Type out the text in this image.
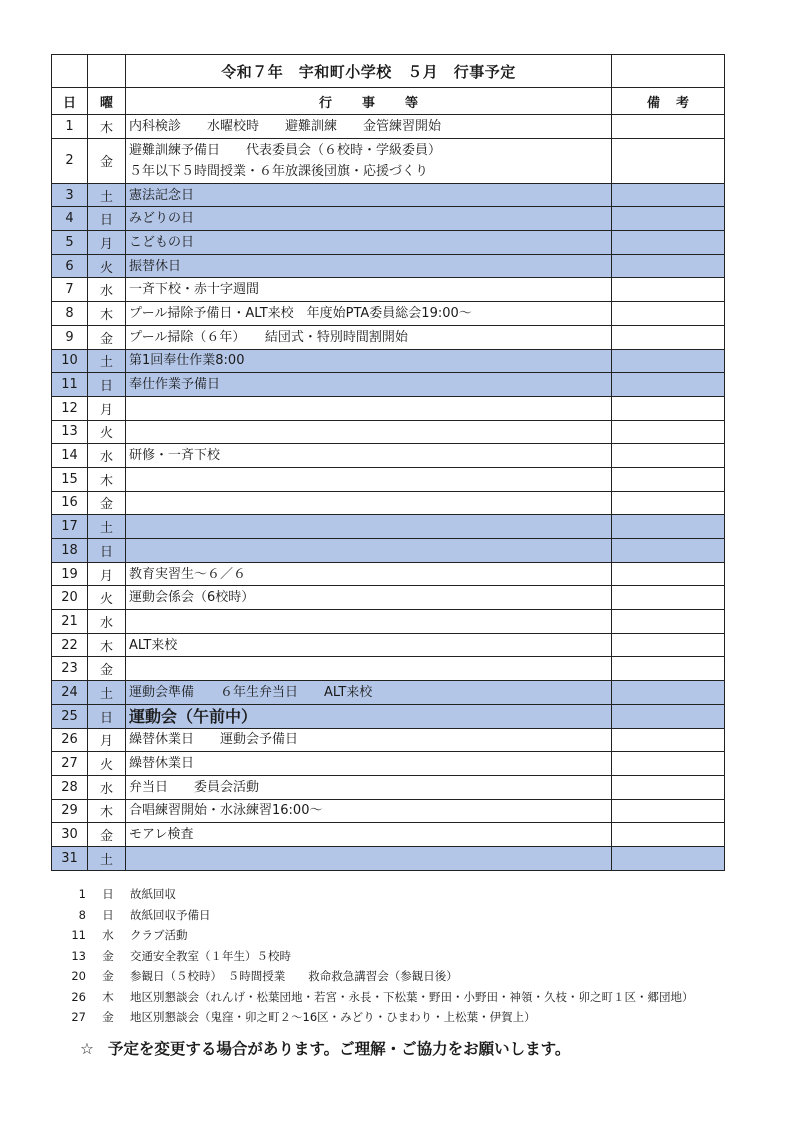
		令和７年　宇和町小学校　５月　行事予定	
日	曜	行事等	備考
1	木	内科検診　　水曜校時　　避難訓練　　金管練習開始	

2	金	避難訓練予備日　　代表委員会（６校時・学級委員）
５年以下５時間授業・６年放課後団旗・応援づくり	

3	土	憲法記念日	

4	日	みどりの日	

5	月	こどもの日	

6	火	振替休日	

7	水	一斉下校・赤十字週間	

8	木	プール掃除予備日・ALT来校　年度始PTA委員総会19:00～	

9	金	プール掃除（６年）　　結団式・特別時間割開始	

10	土	第1回奉仕作業8:00	

11	日	奉仕作業予備日	

12	月	

13	火	

14	水	研修・一斉下校	

15	木	

16	金	

17	土	

18	日	

19	月	教育実習生～６／６	

20	火	運動会係会（6校時）	

21	水	

22	木	ALT来校	

23	金	

24	土	運動会準備　　６年生弁当日　　ALT来校	

25	日	運動会（午前中）	

26	月	繰替休業日　　運動会予備日	

27	火	繰替休業日	

28	水	弁当日　　委員会活動	

29	木	合唱練習開始・水泳練習16:00～	

30	金	モアレ検査	

31	土	

1	日	故紙回収
8	日	故紙回収予備日
11	水	クラブ活動
13	金	交通安全教室（１年生）５校時
20	金	参観日（５校時）　５時間授業　　救命救急講習会（参観日後）
26	木	地区別懇談会（れんげ・松葉団地・若宮・永長・下松葉・野田・小野田・神領・久枝・卯之町１区・郷団地）
27	金	地区別懇談会（鬼窪・卯之町２～16区・みどり・ひまわり・上松葉・伊賀上）
☆ 予定を変更する場合があります。ご理解・ご協力をお願いします。
